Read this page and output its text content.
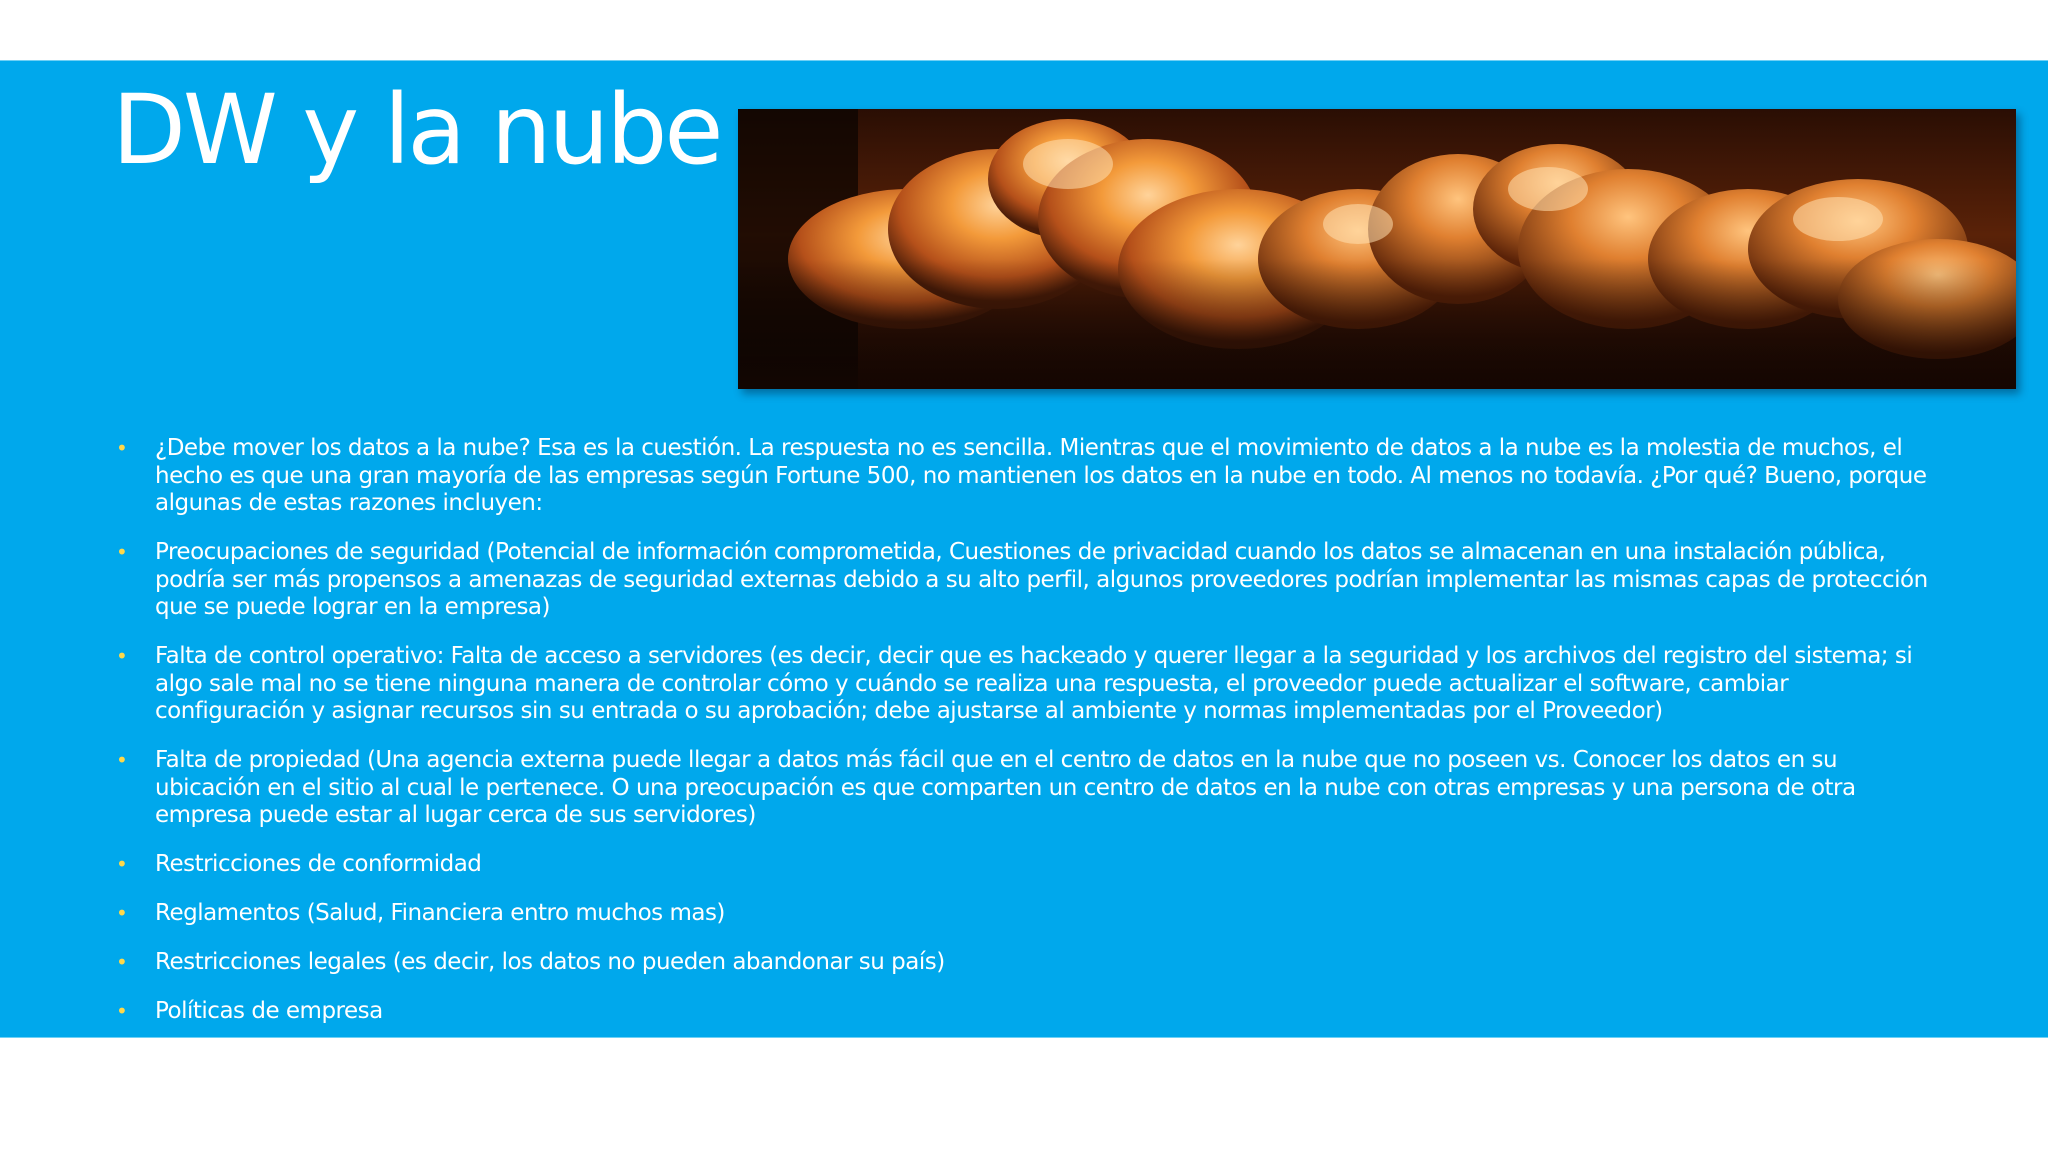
DW y la nube
• ¿Debe mover los datos a la nube? Esa es la cuestión. La respuesta no es sencilla. Mientras que el movimiento de datos a la nube es la molestia de muchos, el hecho es que una gran mayoría de las empresas según Fortune 500, no mantienen los datos en la nube en todo. Al menos no todavía. ¿Por qué? Bueno, porque algunas de estas razones incluyen:
• Preocupaciones de seguridad (Potencial de información comprometida, Cuestiones de privacidad cuando los datos se almacenan en una instalación pública, podría ser más propensos a amenazas de seguridad externas debido a su alto perfil, algunos proveedores podrían implementar las mismas capas de protección que se puede lograr en la empresa)
• Falta de control operativo: Falta de acceso a servidores (es decir, decir que es hackeado y querer llegar a la seguridad y los archivos del registro del sistema; si algo sale mal no se tiene ninguna manera de controlar cómo y cuándo se realiza una respuesta, el proveedor puede actualizar el software, cambiar configuración y asignar recursos sin su entrada o su aprobación; debe ajustarse al ambiente y normas implementadas por el Proveedor)
• Falta de propiedad (Una agencia externa puede llegar a datos más fácil que en el centro de datos en la nube que no poseen vs. Conocer los datos en su ubicación en el sitio al cual le pertenece. O una preocupación es que comparten un centro de datos en la nube con otras empresas y una persona de otra empresa puede estar al lugar cerca de sus servidores)
• Restricciones de conformidad
• Reglamentos (Salud, Financiera entro muchos mas)
• Restricciones legales (es decir, los datos no pueden abandonar su país)
• Políticas de empresa
